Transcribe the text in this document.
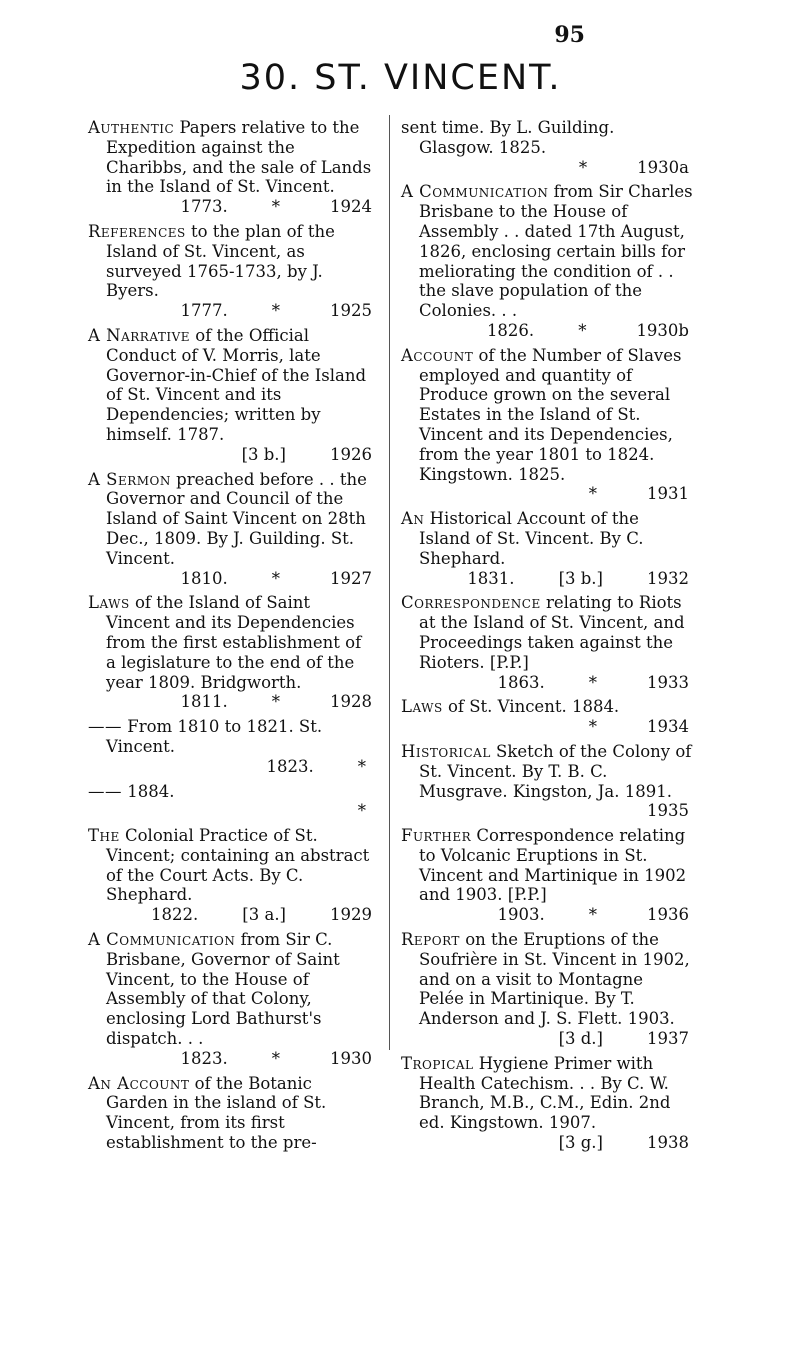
95
30. ST. VINCENT.
Authentic Papers relative to the Expedition against the Charibbs, and the sale of Lands in the Island of St. Vincent.
1773.	*	1924
References to the plan of the Island of St. Vincent, as surveyed 1765-1733, by J. Byers.
1777.	*	1925
A Narrative of the Official Conduct of V. Morris, late Governor-in-Chief of the Island of St. Vincent and its Dependencies; written by himself. 1787.
[3 b.]	1926
A Sermon preached before . . the Governor and Council of the Island of Saint Vincent on 28th Dec., 1809. By J. Guilding. St. Vincent.
1810.	*	1927
Laws of the Island of Saint Vincent and its Dependencies from the first establishment of a legislature to the end of the year 1809. Bridgworth.
1811.	*	1928
—— From 1810 to 1821. St. Vincent.
1823.	*
—— 1884.
*
The Colonial Practice of St. Vincent; containing an abstract of the Court Acts. By C. Shephard.
1822.	[3 a.]	1929
A Communication from Sir C. Brisbane, Governor of Saint Vincent, to the House of Assembly of that Colony, enclosing Lord Bathurst's dispatch. . .
1823.	*	1930
An Account of the Botanic Garden in the island of St. Vincent, from its first establishment to the pre-
sent time. By L. Guilding. Glasgow. 1825.
*	1930a
A Communication from Sir Charles Brisbane to the House of Assembly . . dated 17th August, 1826, enclosing certain bills for meliorating the condition of . . the slave population of the Colonies. . .
1826.	*	1930b
Account of the Number of Slaves employed and quantity of Produce grown on the several Estates in the Island of St. Vincent and its Dependencies, from the year 1801 to 1824. Kingstown. 1825.
*	1931
An Historical Account of the Island of St. Vincent. By C. Shephard.
1831.	[3 b.]	1932
Correspondence relating to Riots at the Island of St. Vincent, and Proceedings taken against the Rioters. [P.P.]
1863.	*	1933
Laws of St. Vincent. 1884.
*	1934
Historical Sketch of the Colony of St. Vincent. By T. B. C. Musgrave. Kingston, Ja. 1891.
1935
Further Correspondence relating to Volcanic Eruptions in St. Vincent and Martinique in 1902 and 1903. [P.P.]
1903.	*	1936
Report on the Eruptions of the Soufrière in St. Vincent in 1902, and on a visit to Montagne Pelée in Martinique. By T. Anderson and J. S. Flett. 1903.
[3 d.]	1937
Tropical Hygiene Primer with Health Catechism. . . By C. W. Branch, M.B., C.M., Edin. 2nd ed. Kingstown. 1907.
[3 g.]	1938
